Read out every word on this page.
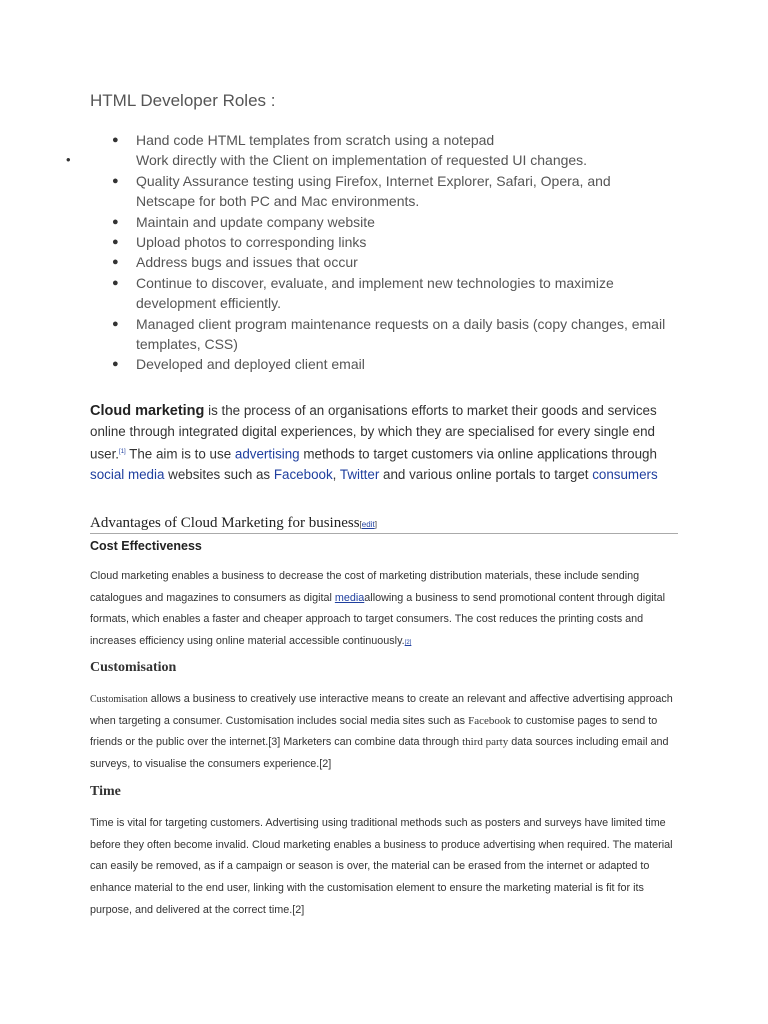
HTML Developer Roles :
•
● Hand code HTML templates from scratch using a notepad
Work directly with the Client on implementation of requested UI changes.
● Quality Assurance testing using Firefox, Internet Explorer, Safari, Opera, and Netscape for both PC and Mac environments.
● Maintain and update company website
● Upload photos to corresponding links
● Address bugs and issues that occur
● Continue to discover, evaluate, and implement new technologies to maximize development efficiently.
● Managed client program maintenance requests on a daily basis (copy changes, email templates, CSS)
● Developed and deployed client email

Cloud marketing is the process of an organisations efforts to market their goods and services online through integrated digital experiences, by which they are specialised for every single end user.[1] The aim is to use advertising methods to target customers via online applications through social media websites such as Facebook, Twitter and various online portals to target consumers

Advantages of Cloud Marketing for business[edit]
Cost Effectiveness

Cloud marketing enables a business to decrease the cost of marketing distribution materials, these include sending catalogues and magazines to consumers as digital mediaallowing a business to send promotional content through digital formats, which enables a faster and cheaper approach to target consumers. The cost reduces the printing costs and increases efficiency using online material accessible continuously.[2]

Customisation

Customisation allows a business to creatively use interactive means to create an relevant and affective advertising approach when targeting a consumer. Customisation includes social media sites such as Facebook to customise pages to send to friends or the public over the internet.[3] Marketers can combine data through third party data sources including email and surveys, to visualise the consumers experience.[2]

Time

Time is vital for targeting customers. Advertising using traditional methods such as posters and surveys have limited time before they often become invalid. Cloud marketing enables a business to produce advertising when required. The material can easily be removed, as if a campaign or season is over, the material can be erased from the internet or adapted to enhance material to the end user, linking with the customisation element to ensure the marketing material is fit for its purpose, and delivered at the correct time.[2]
